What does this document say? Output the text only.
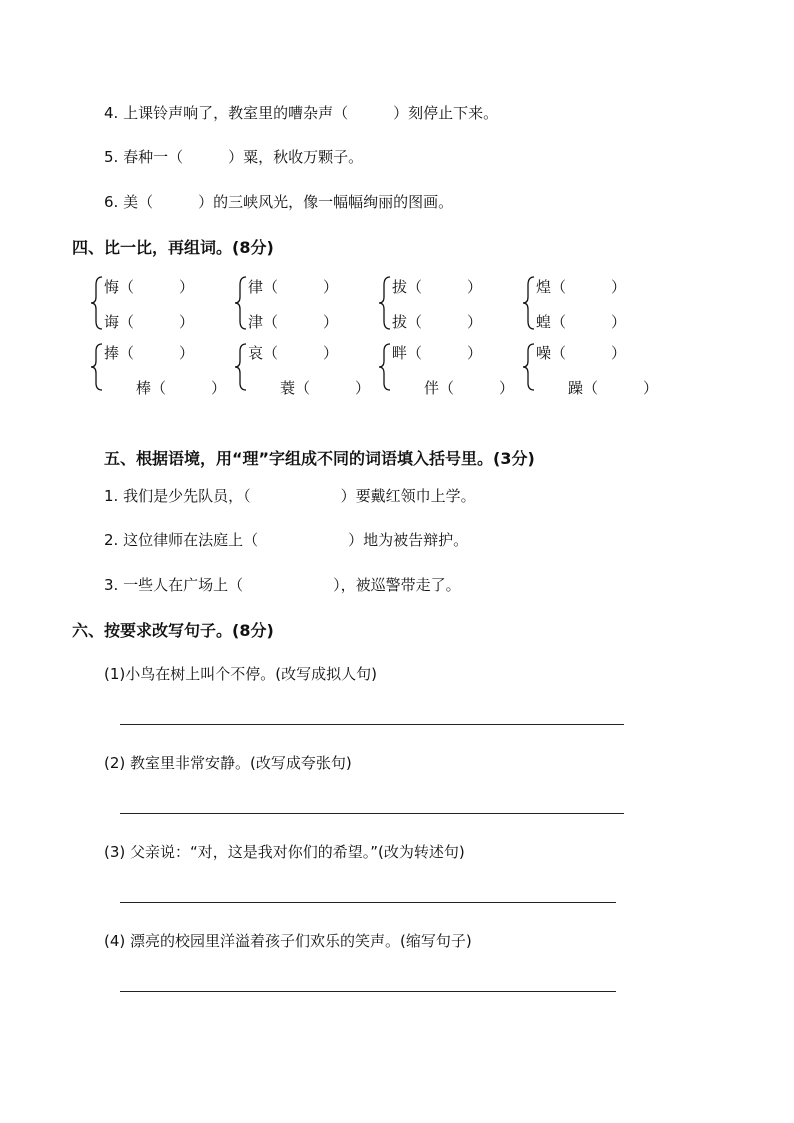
4. 上课铃声响了，教室里的嘈杂声（　　　）刻停止下来。
5. 春种一（　　　）粟，秋收万颗子。
6. 美（　　　）的三峡风光，像一幅幅绚丽的图画。
四、比一比，再组词。(8分)
悔（　　　）	律（　　　）	拔（　　　）	煌（　　　）
诲（　　　）	津（　　　）	拔（　　　）	蝗（　　　）
捧（　　　）	哀（　　　）	畔（　　　）	噪（　　　）
棒（　　　）	蓑（　　　）	伴（　　　）	躁（　　　）
五、根据语境，用“理”字组成不同的词语填入括号里。(3分)
1. 我们是少先队员，（　　　　　　）要戴红领巾上学。
2. 这位律师在法庭上（　　　　　　）地为被告辩护。
3. 一些人在广场上（　　　　　　），被巡警带走了。
六、按要求改写句子。(8分)
(1)小鸟在树上叫个不停。(改写成拟人句)
(2) 教室里非常安静。(改写成夸张句)
(3) 父亲说：“对，这是我对你们的希望。”(改为转述句)
(4) 漂亮的校园里洋溢着孩子们欢乐的笑声。(缩写句子)
